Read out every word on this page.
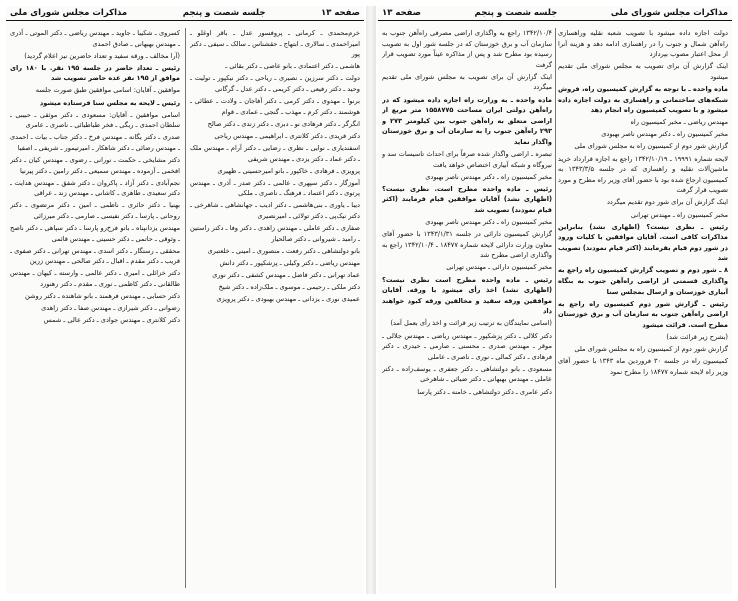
صفحه ۱۳
جلسه شصت و پنجم
مذاکرات مجلس شورای ملی

خرم‌محمدی ـ کرمانی ـ پروفسور عدل ـ باقر اوغلو ـ امیراحمدی ـ سالاری ـ ابتهاج ـ حقشناس ـ سالک ـ سیفی ـ دکتر پور

هاشمی ـ دکتر اعتمادی ـ بانو عاصی ـ دکتر بقائی ـ

دولت ـ دکتر سرزین ـ نصیری ـ ریاحی ـ دکتر نیکپور ـ تولیت ـ وحید ـ دکتر رفیعی ـ دکتر کریمی ـ دکتر عدل ـ گرگانی

برنوا ـ مهدوی ـ دکتر کرمی ـ دکتر آفاجان ـ ولادت ـ عطائی ـ هوشمند ـ دکتر کرم ـ مهذب ـ گنجی ـ عمادی ـ قوام

انگرگر ـ دکتر فرهادی نو ـ دبری ـ دکتر زندی ـ دکتر صالح

دکتر فریدی ـ دکتر کلانتری ـ ابراهیمی ـ مهندس ریاحی

اسفندیاری ـ نوایی ـ نظری ـ رضایی ـ دکتر آرام ـ مهندس ملک ـ دکتر عماد ـ دکتر یزدی ـ مهندس شریفی

پرویزی ـ فرهادی ـ خاکپور ـ بانو امیرحسینی ـ ظهیری

آموزگار ـ دکتر سپهری ـ عالمی ـ دکتر صدر ـ آذری ـ مهندس پرتوی ـ دکتر اعتماد ـ فرهنگ ـ ناصری ـ ملکی

دیبا ـ یاوری ـ بنی‌هاشمی ـ دکتر ادیب ـ جهانشاهی ـ شاهرخی ـ دکتر نیک‌پی ـ دکتر تولائی ـ امیرنصیری

صفاری ـ دکتر عاملی ـ مهندس زاهدی ـ دکتر وفا ـ دکتر راستین ـ رامبد ـ شیروانی ـ دکتر صالحیار

بانو دولتشاهی ـ دکتر رفعت ـ منصوری ـ امینی ـ خلعتبری

مهندس ریاضی ـ دکتر وکیلی ـ پزشکپور ـ دکتر دانش

عماد تهرانی ـ دکتر فاضل ـ مهندس کشفی ـ دکتر نوری

دکتر ملکی ـ رحیمی ـ موسوی ـ ملک‌زاده ـ دکتر شیخ

عمیدی نوری ـ یزدانی ـ مهندس بهبودی ـ دکتر پرویزی

کسروی ـ شکیبا ـ جاوید ـ مهندس ریاضی ـ دکتر الموتی ـ آذری ـ مهندس بهبهانی ـ صادق احمدی

(آرا مخالف ـ ورقه سفید و تعداد حاضرین نیز اعلام گردید)

رئیس ـ تعداد حاضر در جلسه ۱۹۵ نفر. با ۱۸۰ رای موافق از ۱۹۵ نفر عده حاضر تصویب شد

موافقین ـ آقایان: اسامی موافقین طبق صورت جلسه

رئیس ـ لایحه به مجلس سنا فرستاده میشود

اسامی موافقین ـ آقایان: مسعودی ـ دکتر موثقی ـ حبیبی ـ سلطان احمدی ـ ریگی ـ فخر طباطبائی ـ ناصری ـ عامری

صدری ـ دکتر یگانه ـ مهندس فرخ ـ دکتر جناب ـ بیات ـ احمدی ـ مهندس رضائی ـ دکتر شاهکار ـ امیرتیمور ـ شریفی ـ اصفیا

دکتر مشایخی ـ حکمت ـ نورانی ـ رضوی ـ مهندس کیان ـ دکتر افخمی ـ آزموده ـ مهندس سمیعی ـ دکتر رامین ـ دکتر پیرنیا

نجم‌آبادی ـ دکتر آزاد ـ پاکروان ـ دکتر شفق ـ مهندس هدایت ـ دکتر سعیدی ـ طاهری ـ کاشانی ـ مهندس زند ـ عراقی

بهنیا ـ دکتر حائری ـ ناظمی ـ امین ـ دکتر مرتضوی ـ دکتر روحانی ـ پارسا ـ دکتر نفیسی ـ صارمی ـ دکتر میرزائی

مهندس یزدانپناه ـ بانو فرخ‌رو پارسا ـ دکتر سپاهی ـ دکتر ناصح ـ وثوقی ـ حاتمی ـ دکتر حسینی ـ مهندس قائمی

محققی ـ رستگار ـ دکتر اسدی ـ مهندس تهرانی ـ دکتر صفوی ـ قریب ـ دکتر مقدم ـ اقبال ـ دکتر صالحی ـ مهندس زرین

دکتر خزائلی ـ امیری ـ دکتر عالمی ـ وارسته ـ کیهان ـ مهندس طالقانی ـ دکتر کاظمی ـ نوری ـ مقدم ـ دکتر رهنورد

دکتر حسابی ـ مهندس فرهمند ـ بانو شاهنده ـ دکتر روشن

رضوانی ـ دکتر شیرازی ـ مهندس صفا ـ دکتر زاهدی

دکتر کلانتری ـ مهندس جوادی ـ دکتر عالی ـ شمس

مذاکرات مجلس شورای ملی
جلسه شصت و پنجم
صفحه ۱۳

دولت اجازه داده میشود با تصویب شعبه نقلیه وراهسازی راه‌آهن شمال و جنوب را در راهسازی ادامه دهد و هزینه آنرا از محل اعتبار مصوب بپردازد

اینک گزارش آن برای تصویب به مجلس شورای ملی تقدیم میشود

ماده واحده ـ با توجه به گزارش کمیسیون راه، فروش شبکه‌های ساختمانی و راهسازی به دولت اجازه داده میشود و با تصویب کمیسیون راه انجام دهد

مهندس ریاضی ـ مخبر کمیسیون راه

مخبر کمیسیون راه ـ دکتر مهندس ناصر بهبودی

گزارش شور دوم از کمیسیون راه به مجلس شورای ملی

لایحه شماره ۱۹۹۹۱ ـ ۱۳۴۲/۱۰/۱۹ راجع به اجازه قرارداد خرید ماشین‌آلات نقلیه و راهسازی که در جلسه ۱۳۴۳/۳/۵ به کمیسیون ارجاع شده بود با حضور آقای وزیر راه مطرح و مورد تصویب قرار گرفت

اینک گزارش آن برای شور دوم تقدیم میگردد

مخبر کمیسیون راه ـ مهندس تهرانی

رئیس ـ نظری نیست؟ (اظهاری نشد) بنابراین مذاکرات کافی است. آقایان موافقین با کلیات ورود در شور دوم قیام بفرمایند (اکثر قیام نمودند) تصویب شد

۸ ـ شور دوم و تصویب گزارش کمیسیون راه راجع به واگذاری قسمتی از اراضی راه‌آهن جنوب به بنگاه آبیاری خوزستان و ارسال بمجلس سنا

رئیس ـ گزارش شور دوم کمیسیون راه راجع به اراضی راه‌آهن جنوب به سازمان آب و برق خوزستان مطرح است. قرائت میشود

(بشرح زیر قرائت شد)

گزارش شور دوم از کمیسیون راه به مجلس شورای ملی

کمیسیون راه در جلسه ۳۰ فروردین ماه ۱۳۴۳ با حضور آقای وزیر راه لایحه شماره ۱۸۴۷۷ را مطرح نمود

۱۳۴۲/۱۰/۴ راجع به واگذاری اراضی مصرفی راه‌آهن جنوب به سازمان آب و برق خوزستان که در جلسه شور اول به تصویب رسیده بود مطرح شد و پس از مذاکره عیناً مورد تصویب قرار گرفت

اینک گزارش آن برای تصویب به مجلس شورای ملی تقدیم میگردد

ماده واحده ـ به وزارت راه اجازه داده میشود که در راه‌آهن دولتی ایران مساحت ۱۵۵۸۷۷۵ متر مربع از اراضی متعلق به راه‌آهن جنوب بین کیلومتر ۲۷۳ و ۲۹۳ راه‌آهن جنوب را به سازمان آب و برق خوزستان واگذار نماید

تبصره ـ اراضی واگذار شده صرفاً برای احداث تاسیسات سد و نیروگاه و شبکه آبیاری اختصاص خواهد یافت

مخبر کمیسیون راه ـ دکتر مهندس ناصر بهبودی

رئیس ـ ماده واحده مطرح است. نظری نیست؟ (اظهاری نشد) آقایان موافقین قیام فرمایند (اکثر قیام نمودند) تصویب شد

مخبر کمیسیون راه ـ دکتر مهندس ناصر بهبودی

گزارش کمیسیون دارائی در جلسه ۱۳۴۳/۱/۳۱ با حضور آقای معاون وزارت دارائی لایحه شماره ۱۸۴۷۷ ـ ۱۳۴۲/۱۰/۴ راجع به واگذاری اراضی مطرح شد

مخبر کمیسیون دارائی ـ مهندس تهرانی

رئیس ـ ماده واحده مطرح است نظری نیست؟ (اظهاری نشد) اخذ رأی میشود با ورقه. آقایان موافقین ورقه سفید و مخالفین ورقه کبود خواهند داد

(اسامی نمایندگان به ترتیب زیر قرائت و اخذ رأی بعمل آمد)

دکتر کلالی ـ دکتر پزشکپور ـ مهندس ریاضی ـ مهندس جلالی ـ موقر ـ مهندس صدری ـ محسنی ـ صارمی ـ حیدری ـ دکتر فرهادی ـ دکتر کمالی ـ نوری ـ ناصری ـ عاملی

مسعودی ـ بانو دولتشاهی ـ دکتر جعفری ـ یوسف‌زاده ـ دکتر عاملی ـ مهندس بهبهانی ـ دکتر ضیائی ـ شاهرخی

دکتر عامری ـ دکتر دولتشاهی ـ خامنه ـ دکتر پارسا
